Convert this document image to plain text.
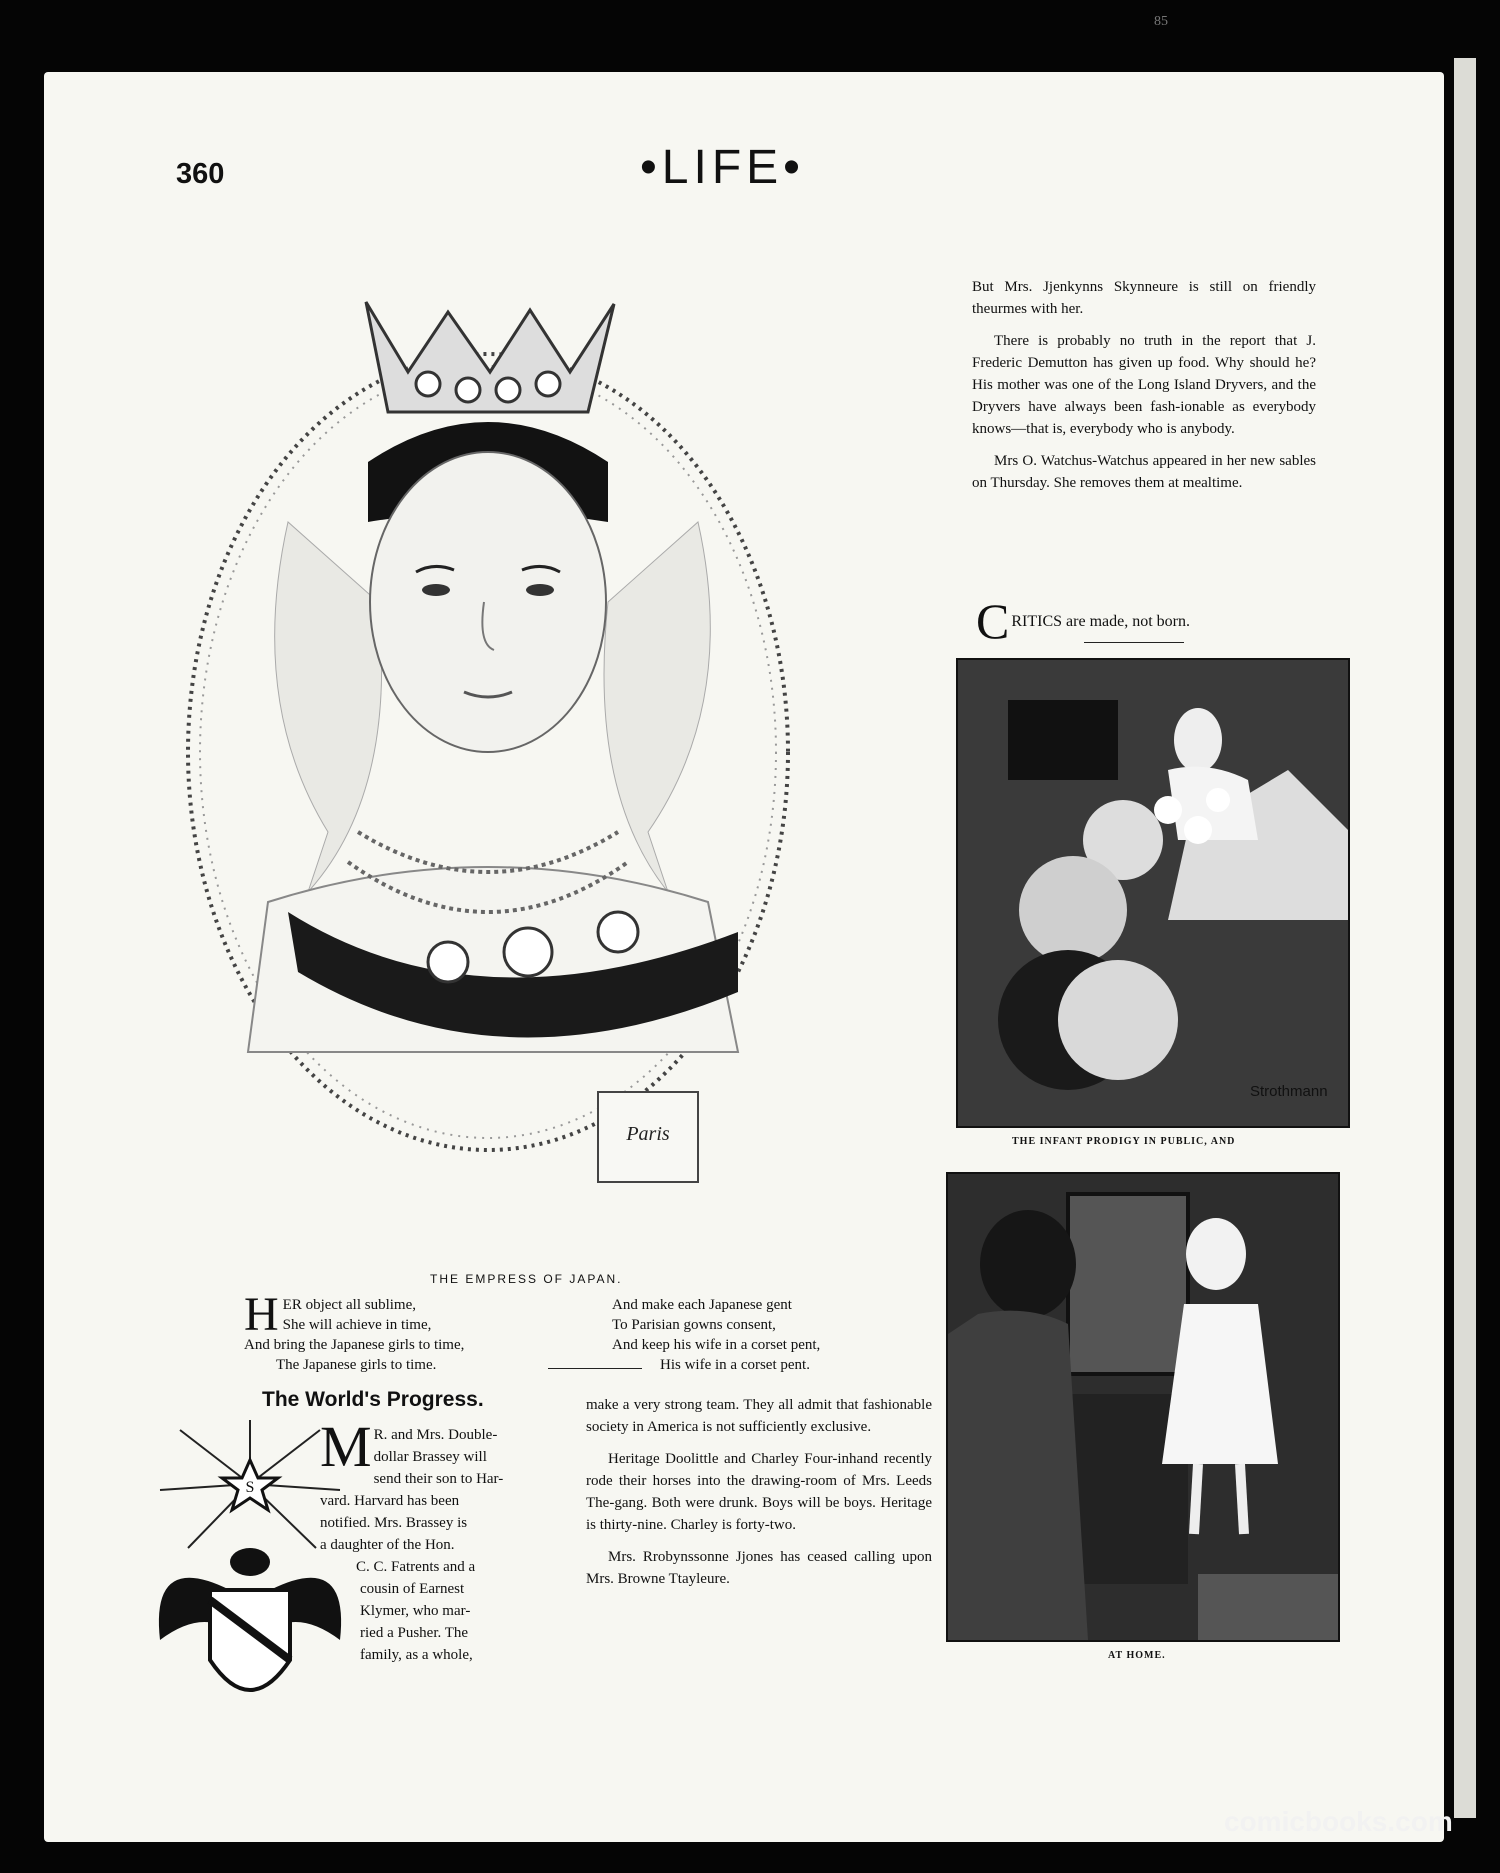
85
360	•LIFE•
Paris
THE EMPRESS OF JAPAN.
H ER object all sublime,
She will achieve in time,
And bring the Japanese girls to time,
The Japanese girls to time.
And make each Japanese gent
To Parisian gowns consent,
And keep his wife in a corset pent,
His wife in a corset pent.
The World's Progress.
S
M R. and Mrs. Double-
dollar Brassey will
send their son to Har-
vard. Harvard has been
notified. Mrs. Brassey is
a daughter of the Hon.
C. C. Fatrents and a
cousin of Earnest
Klymer, who mar-
ried a Pusher. The
family, as a whole,

make a very strong team. They all admit that fashionable society in America is not sufficiently exclusive.

Heritage Doolittle and Charley Four-inhand recently rode their horses into the drawing-room of Mrs. Leeds The-gang. Both were drunk. Boys will be boys. Heritage is thirty-nine. Charley is forty-two.

Mrs. Rrobynssonne Jjones has ceased calling upon Mrs. Browne Ttayleure.

But Mrs. Jjenkynns Skynneure is still on friendly theurmes with her.

There is probably no truth in the report that J. Frederic Demutton has given up food. Why should he? His mother was one of the Long Island Dryvers, and the Dryvers have always been fash-ionable as everybody knows—that is, everybody who is anybody.

Mrs O. Watchus-Watchus appeared in her new sables on Thursday. She removes them at mealtime.

CRITICS are made, not born.
Strothmann
THE INFANT PRODIGY IN PUBLIC, AND
AT HOME.
comicbooks.com
